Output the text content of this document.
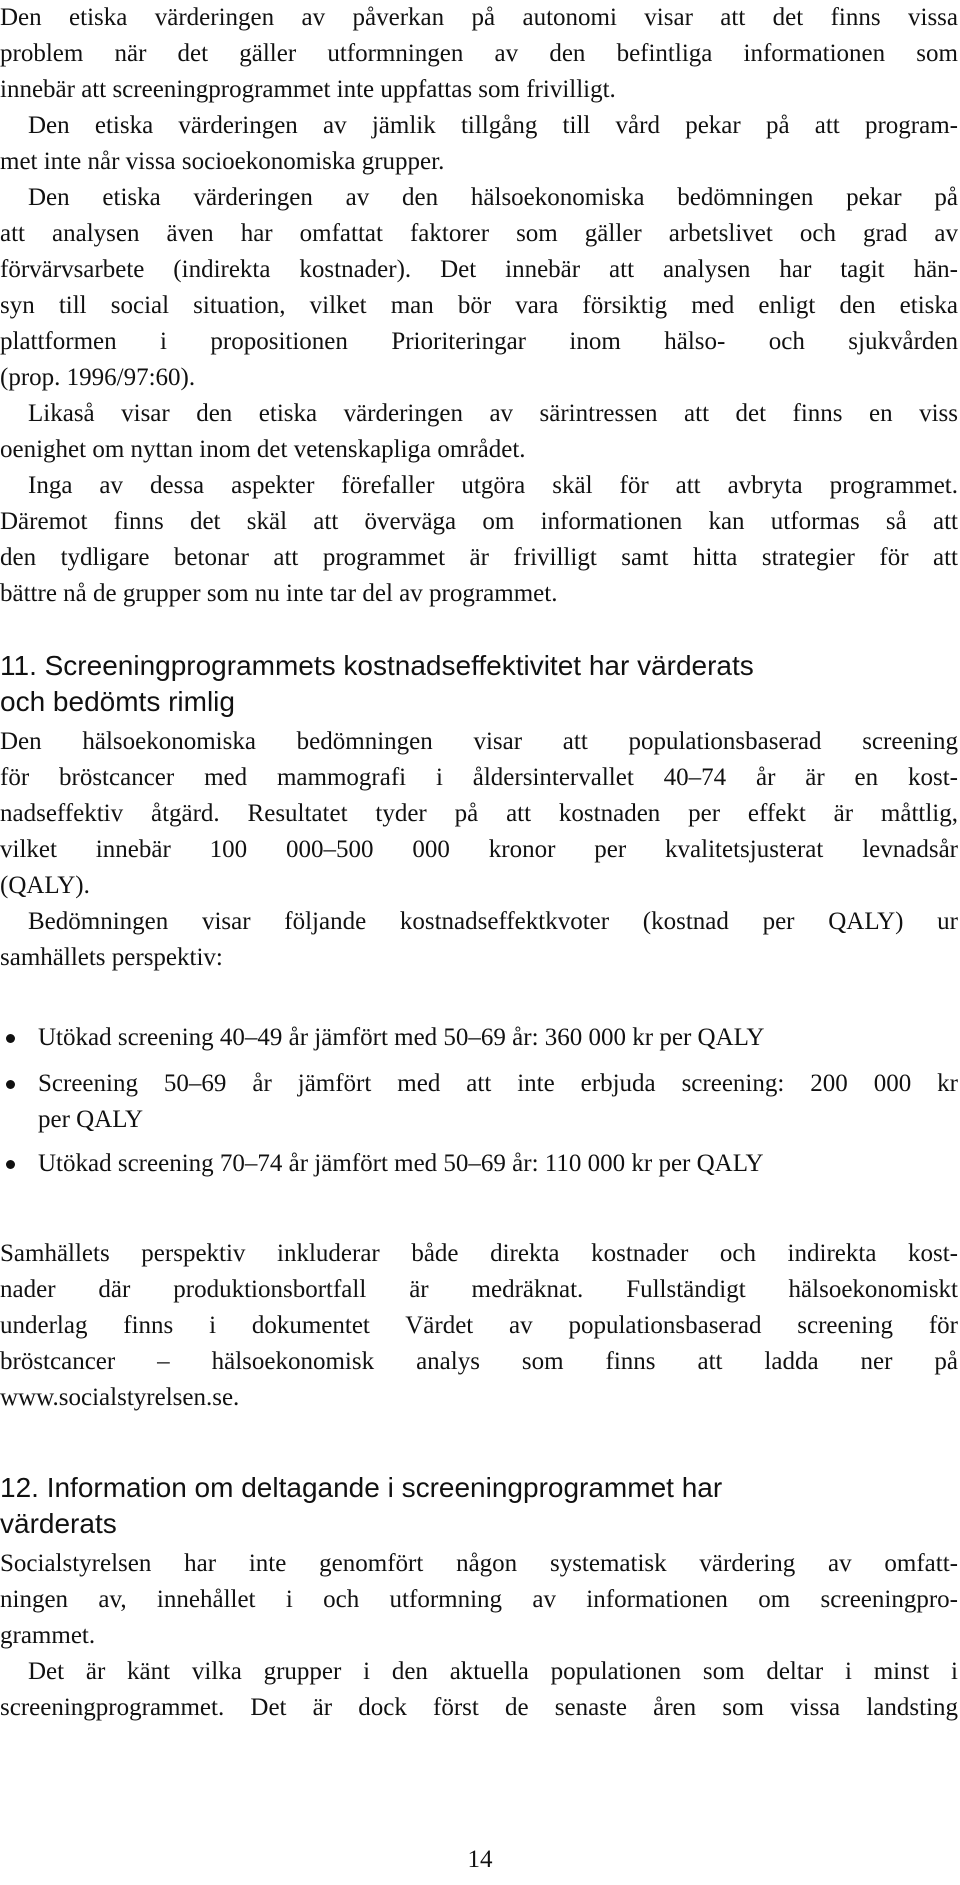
Den etiska värderingen av påverkan på autonomi visar att det finns vissa
problem när det gäller utformningen av den befintliga informationen som
innebär att screeningprogrammet inte uppfattas som frivilligt.
Den etiska värderingen av jämlik tillgång till vård pekar på att program-
met inte når vissa socioekonomiska grupper.
Den etiska värderingen av den hälsoekonomiska bedömningen pekar på
att analysen även har omfattat faktorer som gäller arbetslivet och grad av
förvärvsarbete (indirekta kostnader). Det innebär att analysen har tagit hän-
syn till social situation, vilket man bör vara försiktig med enligt den etiska
plattformen i propositionen Prioriteringar inom hälso- och sjukvården
(prop. 1996/97:60).
Likaså visar den etiska värderingen av särintressen att det finns en viss
oenighet om nyttan inom det vetenskapliga området.
Inga av dessa aspekter förefaller utgöra skäl för att avbryta programmet.
Däremot finns det skäl att överväga om informationen kan utformas så att
den tydligare betonar att programmet är frivilligt samt hitta strategier för att
bättre nå de grupper som nu inte tar del av programmet.
11. Screeningprogrammets kostnadseffektivitet har värderats
och bedömts rimlig
Den hälsoekonomiska bedömningen visar att populationsbaserad screening
för bröstcancer med mammografi i åldersintervallet 40–74 år är en kost-
nadseffektiv åtgärd. Resultatet tyder på att kostnaden per effekt är måttlig,
vilket innebär 100 000–500 000 kronor per kvalitetsjusterat levnadsår
(QALY).
Bedömningen visar följande kostnadseffektkvoter (kostnad per QALY) ur
samhällets perspektiv:
Utökad screening 40–49 år jämfört med 50–69 år: 360 000 kr per QALY
Screening 50–69 år jämfört med att inte erbjuda screening: 200 000 kr
per QALY
Utökad screening 70–74 år jämfört med 50–69 år: 110 000 kr per QALY
Samhällets perspektiv inkluderar både direkta kostnader och indirekta kost-
nader där produktionsbortfall är medräknat. Fullständigt hälsoekonomiskt
underlag finns i dokumentet Värdet av populationsbaserad screening för
bröstcancer – hälsoekonomisk analys som finns att ladda ner på
www.socialstyrelsen.se.
12. Information om deltagande i screeningprogrammet har
värderats
Socialstyrelsen har inte genomfört någon systematisk värdering av omfatt-
ningen av, innehållet i och utformning av informationen om screeningpro-
grammet.
Det är känt vilka grupper i den aktuella populationen som deltar i minst i
screeningprogrammet. Det är dock först de senaste åren som vissa landsting
14
